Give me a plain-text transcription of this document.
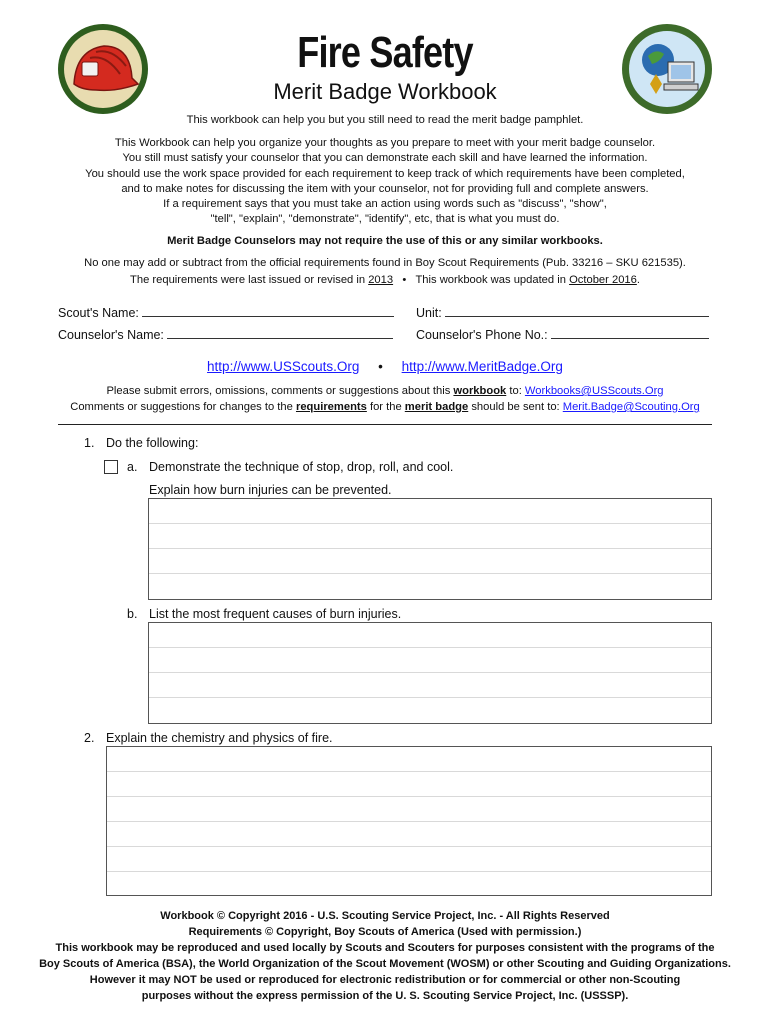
Fire Safety
Merit Badge Workbook
This workbook can help you but you still need to read the merit badge pamphlet.
This Workbook can help you organize your thoughts as you prepare to meet with your merit badge counselor.
You still must satisfy your counselor that you can demonstrate each skill and have learned the information.
You should use the work space provided for each requirement to keep track of which requirements have been completed,
and to make notes for discussing the item with your counselor, not for providing full and complete answers.
If a requirement says that you must take an action using words such as "discuss", "show",
"tell", "explain", "demonstrate", "identify", etc, that is what you must do.
Merit Badge Counselors may not require the use of this or any similar workbooks.
No one may add or subtract from the official requirements found in Boy Scout Requirements (Pub. 33216 – SKU 621535).
The requirements were last issued or revised in 2013 • This workbook was updated in October 2016.
Scout's Name:	Unit:
Counselor's Name:	Counselor's Phone No.:
http://www.USScouts.Org • http://www.MeritBadge.Org
Please submit errors, omissions, comments or suggestions about this workbook to: Workbooks@USScouts.Org
Comments or suggestions for changes to the requirements for the merit badge should be sent to: Merit.Badge@Scouting.Org
1. Do the following:
a. Demonstrate the technique of stop, drop, roll, and cool.
Explain how burn injuries can be prevented.
b. List the most frequent causes of burn injuries.
2. Explain the chemistry and physics of fire.
Workbook © Copyright 2016 - U.S. Scouting Service Project, Inc. - All Rights Reserved
Requirements © Copyright, Boy Scouts of America (Used with permission.)
This workbook may be reproduced and used locally by Scouts and Scouters for purposes consistent with the programs of the
Boy Scouts of America (BSA), the World Organization of the Scout Movement (WOSM) or other Scouting and Guiding Organizations.
However it may NOT be used or reproduced for electronic redistribution or for commercial or other non-Scouting
purposes without the express permission of the U. S. Scouting Service Project, Inc. (USSSP).
